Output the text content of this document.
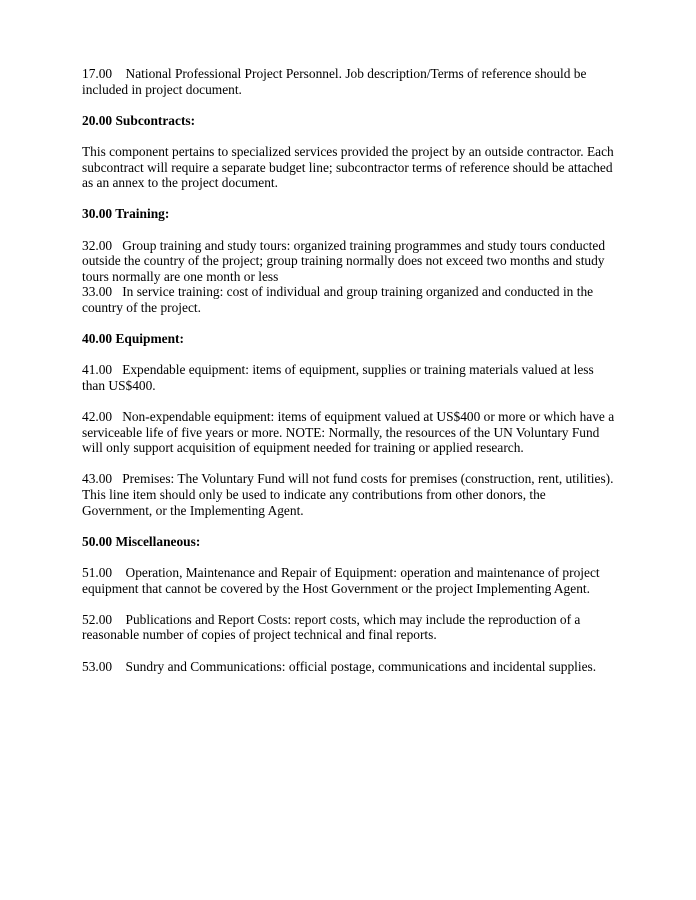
17.00 National Professional Project Personnel. Job description/Terms of reference should be included in project document.

20.00 Subcontracts:

This component pertains to specialized services provided the project by an outside contractor. Each subcontract will require a separate budget line; subcontractor terms of reference should be attached as an annex to the project document.

30.00 Training:

32.00 Group training and study tours: organized training programmes and study tours conducted outside the country of the project; group training normally does not exceed two months and study tours normally are one month or less

33.00 In service training: cost of individual and group training organized and conducted in the country of the project.

40.00 Equipment:

41.00 Expendable equipment: items of equipment, supplies or training materials valued at less than US$400.

42.00 Non-expendable equipment: items of equipment valued at US$400 or more or which have a serviceable life of five years or more. NOTE: Normally, the resources of the UN Voluntary Fund will only support acquisition of equipment needed for training or applied research.

43.00 Premises: The Voluntary Fund will not fund costs for premises (construction, rent, utilities). This line item should only be used to indicate any contributions from other donors, the Government, or the Implementing Agent.

50.00 Miscellaneous:

51.00 Operation, Maintenance and Repair of Equipment: operation and maintenance of project equipment that cannot be covered by the Host Government or the project Implementing Agent.

52.00 Publications and Report Costs: report costs, which may include the reproduction of a reasonable number of copies of project technical and final reports.

53.00 Sundry and Communications: official postage, communications and incidental supplies.
